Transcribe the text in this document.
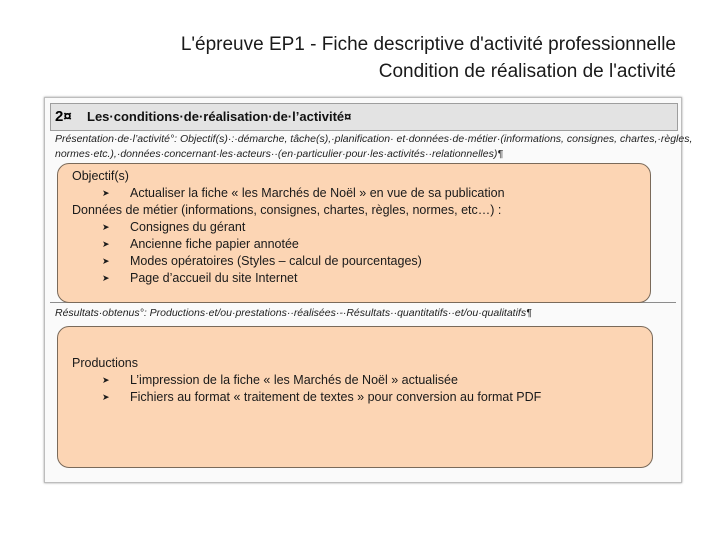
L'épreuve EP1 - Fiche descriptive d'activité professionnelle
Condition de réalisation de l'activité
2¤ Les·conditions·de·réalisation·de·l’activité¤
Présentation·de·l’activité°: Objectif(s)·:·démarche, tâche(s),·planification· et·données·de·métier·(informations, consignes, chartes,·règles,
normes·etc.),·données·concernant·les·acteurs··(en·particulier·pour·les·activités··relationnelles)¶
Résultats·obtenus°: Productions·et/ou·prestations··réalisées·-·Résultats··quantitatifs··et/ou·qualitatifs¶
Objectif(s)
➤ Actualiser la fiche « les Marchés de Noël » en vue de sa publication
Données de métier (informations, consignes, chartes, règles, normes, etc…) :
➤ Consignes du gérant
➤ Ancienne fiche papier annotée
➤ Modes opératoires (Styles – calcul de pourcentages)
➤ Page d’accueil du site Internet
Productions
➤ L’impression de la fiche « les Marchés de Noël » actualisée
➤ Fichiers au format « traitement de textes » pour conversion au format PDF
